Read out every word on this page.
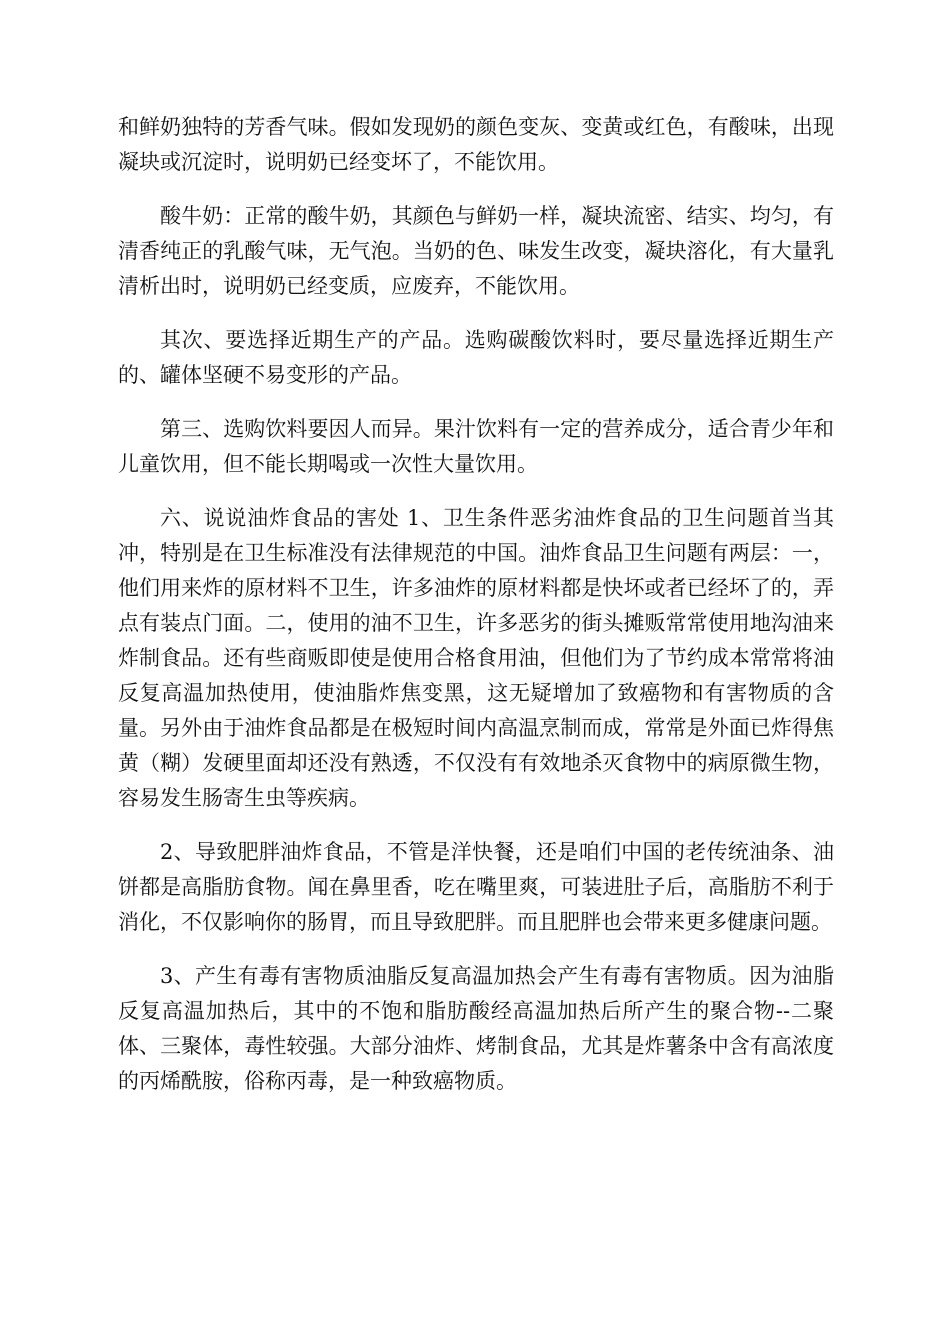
和鲜奶独特的芳香气味。假如发现奶的颜色变灰、变黄或红色，有酸味，出现凝块或沉淀时，说明奶已经变坏了，不能饮用。

酸牛奶：正常的酸牛奶，其颜色与鲜奶一样，凝块流密、结实、均匀，有清香纯正的乳酸气味，无气泡。当奶的色、味发生改变，凝块溶化，有大量乳清析出时，说明奶已经变质，应废弃，不能饮用。

其次、要选择近期生产的产品。选购碳酸饮料时，要尽量选择近期生产的、罐体坚硬不易变形的产品。

第三、选购饮料要因人而异。果汁饮料有一定的营养成分，适合青少年和儿童饮用，但不能长期喝或一次性大量饮用。

六、说说油炸食品的害处 1、卫生条件恶劣油炸食品的卫生问题首当其冲，特别是在卫生标准没有法律规范的中国。油炸食品卫生问题有两层：一，他们用来炸的原材料不卫生，许多油炸的原材料都是快坏或者已经坏了的，弄点有装点门面。二，使用的油不卫生，许多恶劣的街头摊贩常常使用地沟油来炸制食品。还有些商贩即使是使用合格食用油，但他们为了节约成本常常将油反复高温加热使用，使油脂炸焦变黑，这无疑增加了致癌物和有害物质的含量。另外由于油炸食品都是在极短时间内高温烹制而成，常常是外面已炸得焦黄（糊）发硬里面却还没有熟透，不仅没有有效地杀灭食物中的病原微生物，容易发生肠寄生虫等疾病。

2、导致肥胖油炸食品，不管是洋快餐，还是咱们中国的老传统油条、油饼都是高脂肪食物。闻在鼻里香，吃在嘴里爽，可装进肚子后，高脂肪不利于消化，不仅影响你的肠胃，而且导致肥胖。而且肥胖也会带来更多健康问题。

3、产生有毒有害物质油脂反复高温加热会产生有毒有害物质。因为油脂反复高温加热后，其中的不饱和脂肪酸经高温加热后所产生的聚合物--二聚体、三聚体，毒性较强。大部分油炸、烤制食品，尤其是炸薯条中含有高浓度的丙烯酰胺，俗称丙毒，是一种致癌物质。
